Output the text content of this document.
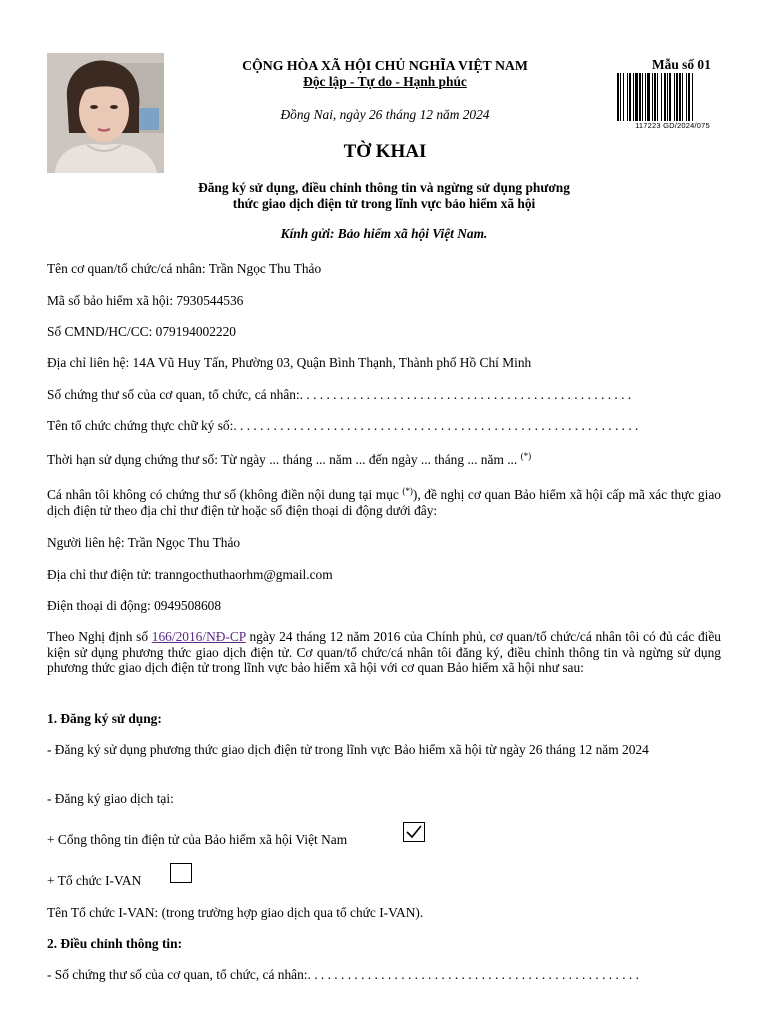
CỘNG HÒA XÃ HỘI CHỦ NGHĨA VIỆT NAM
Độc lập - Tự do - Hạnh phúc
Đồng Nai, ngày 26 tháng 12 năm 2024
Mẫu số 01
117223 GD/2024/075
TỜ KHAI
Đăng ký sử dụng, điều chỉnh thông tin và ngừng sử dụng phương
thức giao dịch điện tử trong lĩnh vực bảo hiểm xã hội
Kính gửi: Bảo hiểm xã hội Việt Nam.
Tên cơ quan/tổ chức/cá nhân: Trần Ngọc Thu Thảo
Mã số bảo hiểm xã hội: 7930544536
Số CMND/HC/CC: 079194002220
Địa chỉ liên hệ: 14A Vũ Huy Tấn, Phường 03, Quận Bình Thạnh, Thành phố Hồ Chí Minh
Số chứng thư số của cơ quan, tổ chức, cá nhân:. . . . . . . . . . . . . . . . . . . . . . . . . . . . . . . . . . . . . . . . . . . . . . . . . .
Tên tổ chức chứng thực chữ ký số:. . . . . . . . . . . . . . . . . . . . . . . . . . . . . . . . . . . . . . . . . . . . . . . . . . . . . . . . . . . . .
Thời hạn sử dụng chứng thư số: Từ ngày ... tháng ... năm ... đến ngày ... tháng ... năm ... (*)
Cá nhân tôi không có chứng thư số (không điền nội dung tại mục (*)), đề nghị cơ quan Bảo hiểm xã hội cấp mã xác thực giao dịch điện tử theo địa chỉ thư điện tử hoặc số điện thoại di động dưới đây:
Người liên hệ: Trần Ngọc Thu Thảo
Địa chỉ thư điện tử: tranngocthuthaorhm@gmail.com
Điện thoại di động: 0949508608
Theo Nghị định số 166/2016/NĐ-CP ngày 24 tháng 12 năm 2016 của Chính phủ, cơ quan/tổ chức/cá nhân tôi có đủ các điều kiện sử dụng phương thức giao dịch điện tử. Cơ quan/tổ chức/cá nhân tôi đăng ký, điều chỉnh thông tin và ngừng sử dụng phương thức giao dịch điện tử trong lĩnh vực bảo hiểm xã hội với cơ quan Bảo hiểm xã hội như sau:
1. Đăng ký sử dụng:
- Đăng ký sử dụng phương thức giao dịch điện tử trong lĩnh vực Bảo hiểm xã hội từ ngày 26 tháng 12 năm 2024
- Đăng ký giao dịch tại:
+ Cổng thông tin điện tử của Bảo hiểm xã hội Việt Nam
+ Tổ chức I-VAN
Tên Tổ chức I-VAN: (trong trường hợp giao dịch qua tổ chức I-VAN).
2. Điều chỉnh thông tin:
- Số chứng thư số của cơ quan, tổ chức, cá nhân:. . . . . . . . . . . . . . . . . . . . . . . . . . . . . . . . . . . . . . . . . . . . . . . . . .
